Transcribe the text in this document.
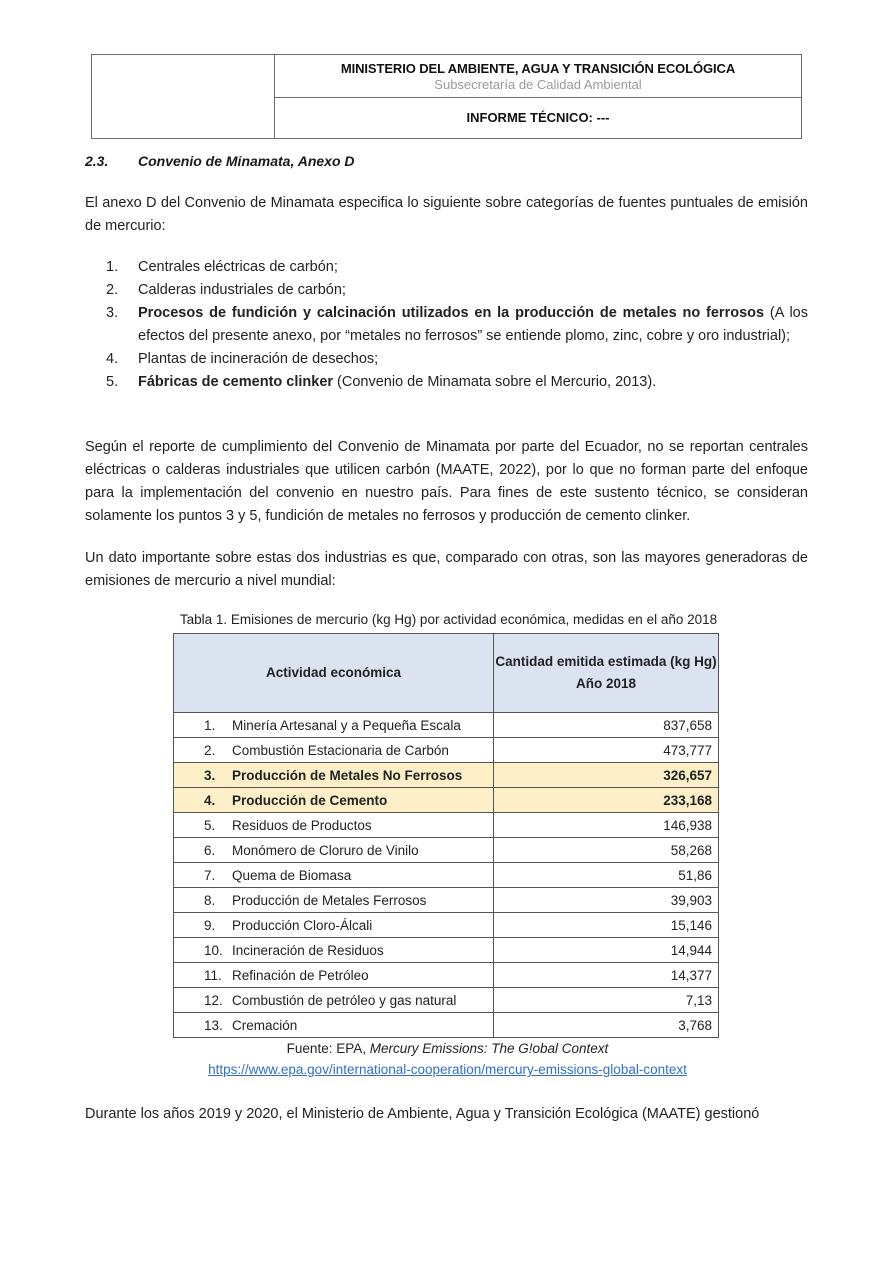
MINISTERIO DEL AMBIENTE, AGUA Y TRANSICIÓN ECOLÓGICA
Subsecretaría de Calidad Ambiental
INFORME TÉCNICO: ---
2.3.	Convenio de Minamata, Anexo D

El anexo D del Convenio de Minamata especifica lo siguiente sobre categorías de fuentes puntuales de emisión de mercurio:

1.	Centrales eléctricas de carbón;
2.	Calderas industriales de carbón;
3.	Procesos de fundición y calcinación utilizados en la producción de metales no ferrosos (A los efectos del presente anexo, por “metales no ferrosos” se entiende plomo, zinc, cobre y oro industrial);
4.	Plantas de incineración de desechos;
5.	Fábricas de cemento clinker (Convenio de Minamata sobre el Mercurio, 2013).

Según el reporte de cumplimiento del Convenio de Minamata por parte del Ecuador, no se reportan centrales eléctricas o calderas industriales que utilicen carbón (MAATE, 2022), por lo que no forman parte del enfoque para la implementación del convenio en nuestro país. Para fines de este sustento técnico, se consideran solamente los puntos 3 y 5, fundición de metales no ferrosos y producción de cemento clinker.

Un dato importante sobre estas dos industrias es que, comparado con otras, son las mayores generadoras de emisiones de mercurio a nivel mundial:

Tabla 1. Emisiones de mercurio (kg Hg) por actividad económica, medidas en el año 2018
Actividad económica	Cantidad emitida estimada (kg Hg)
Año 2018
1. Minería Artesanal y a Pequeña Escala	837,658
2. Combustión Estacionaria de Carbón	473,777
3. Producción de Metales No Ferrosos	326,657
4. Producción de Cemento	233,168
5. Residuos de Productos	146,938
6. Monómero de Cloruro de Vinilo	58,268
7. Quema de Biomasa	51,86
8. Producción de Metales Ferrosos	39,903
9. Producción Cloro-Álcali	15,146
10. Incineración de Residuos	14,944
11. Refinación de Petróleo	14,377
12. Combustión de petróleo y gas natural	7,13
13. Cremación	3,768
Fuente: EPA, Mercury Emissions: The G!obal Context
https://www.epa.gov/international-cooperation/mercury-emissions-global-context

Durante los años 2019 y 2020, el Ministerio de Ambiente, Agua y Transición Ecológica (MAATE) gestionó
